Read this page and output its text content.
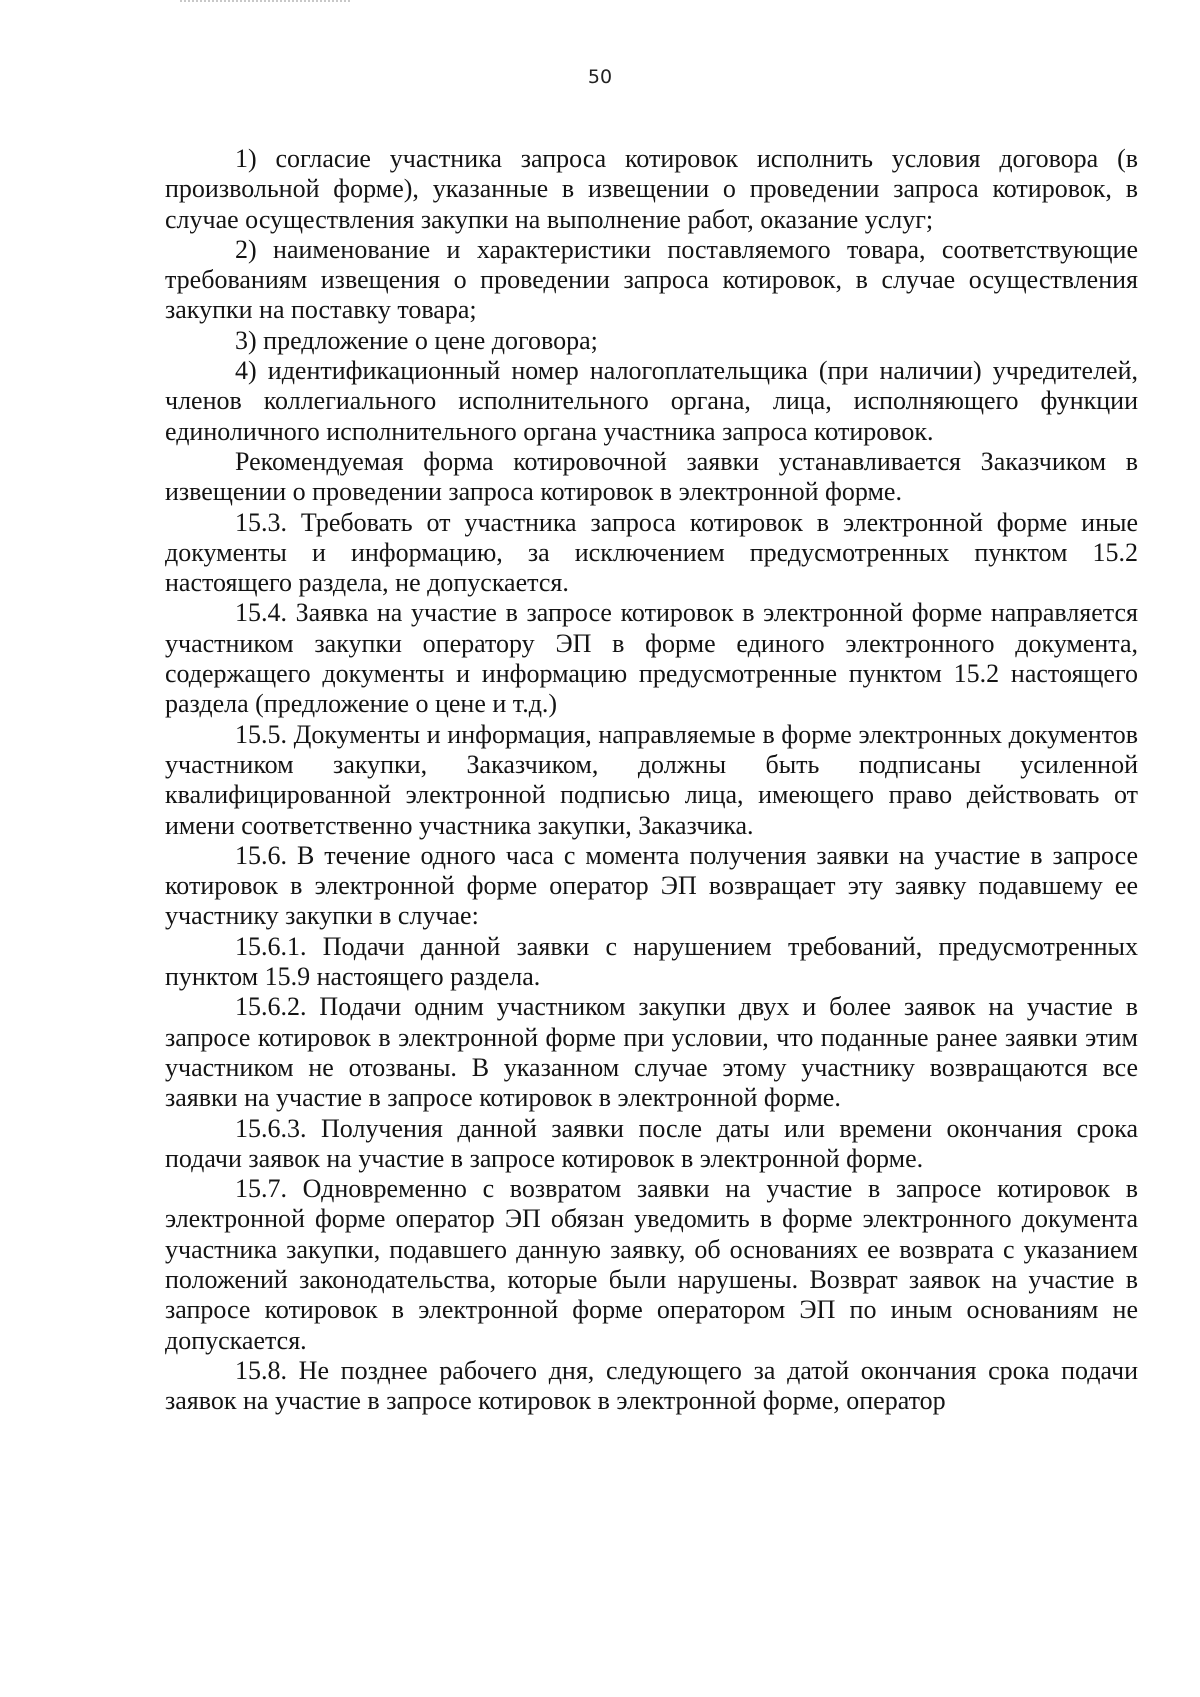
50

1) согласие участника запроса котировок исполнить условия договора (в произвольной форме), указанные в извещении о проведении запроса котировок, в случае осуществления закупки на выполнение работ, оказание услуг;

2) наименование и характеристики поставляемого товара, соответствующие требованиям извещения о проведении запроса котировок, в случае осуществления закупки на поставку товара;

3) предложение о цене договора;

4) идентификационный номер налогоплательщика (при наличии) учредителей, членов коллегиального исполнительного органа, лица, исполняющего функции единоличного исполнительного органа участника запроса котировок.

Рекомендуемая форма котировочной заявки устанавливается Заказчиком в извещении о проведении запроса котировок в электронной форме.

15.3. Требовать от участника запроса котировок в электронной форме иные документы и информацию, за исключением предусмотренных пунктом 15.2 настоящего раздела, не допускается.

15.4. Заявка на участие в запросе котировок в электронной форме направляется участником закупки оператору ЭП в форме единого электронного документа, содержащего документы и информацию предусмотренные пунктом 15.2 настоящего раздела (предложение о цене и т.д.)

15.5. Документы и информация, направляемые в форме электронных документов участником закупки, Заказчиком, должны быть подписаны усиленной квалифицированной электронной подписью лица, имеющего право действовать от имени соответственно участника закупки, Заказчика.

15.6. В течение одного часа с момента получения заявки на участие в запросе котировок в электронной форме оператор ЭП возвращает эту заявку подавшему ее участнику закупки в случае:

15.6.1. Подачи данной заявки с нарушением требований, предусмотренных пунктом 15.9 настоящего раздела.

15.6.2. Подачи одним участником закупки двух и более заявок на участие в запросе котировок в электронной форме при условии, что поданные ранее заявки этим участником не отозваны. В указанном случае этому участнику возвращаются все заявки на участие в запросе котировок в электронной форме.

15.6.3. Получения данной заявки после даты или времени окончания срока подачи заявок на участие в запросе котировок в электронной форме.

15.7. Одновременно с возвратом заявки на участие в запросе котировок в электронной форме оператор ЭП обязан уведомить в форме электронного документа участника закупки, подавшего данную заявку, об основаниях ее возврата с указанием положений законодательства, которые были нарушены. Возврат заявок на участие в запросе котировок в электронной форме оператором ЭП по иным основаниям не допускается.

15.8. Не позднее рабочего дня, следующего за датой окончания срока подачи заявок на участие в запросе котировок в электронной форме, оператор
